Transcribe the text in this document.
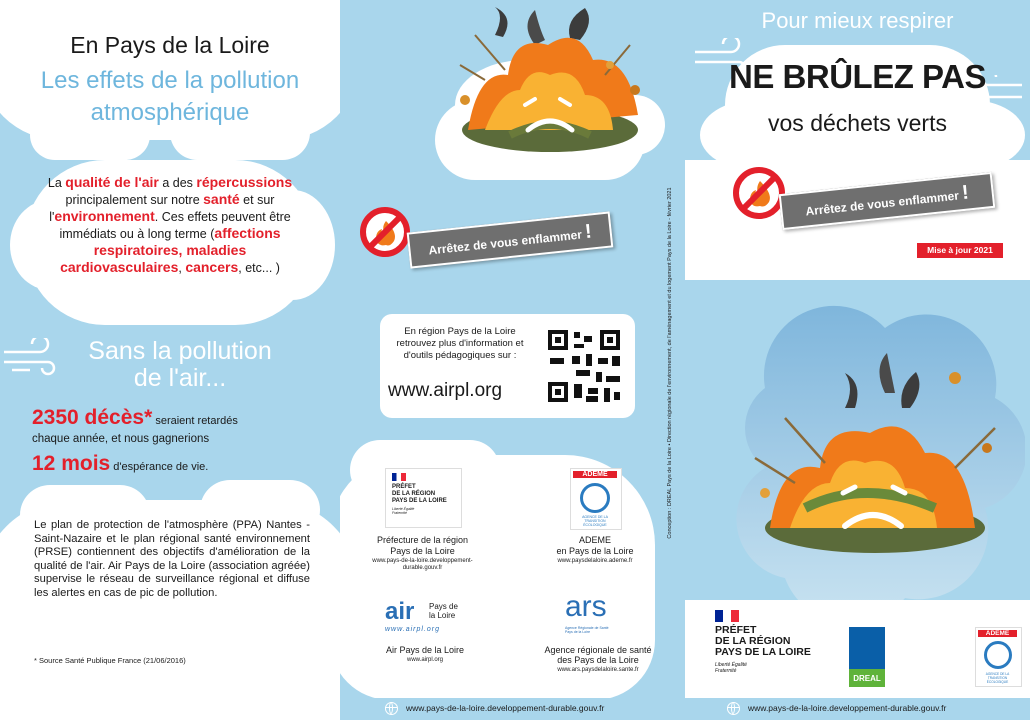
En Pays de la Loire
Les effets de la pollution
atmosphérique
La qualité de l'air a des répercussions principalement sur notre santé et sur l'environnement. Ces effets peuvent être immédiats ou à long terme (affections respiratoires, maladies cardiovasculaires, cancers, etc... )
Sans la pollution
de l'air...
2350 décès* seraient retardés
chaque année, et nous gagnerions
12 mois d'espérance de vie.
Le plan de protection de l'atmosphère (PPA) Nantes - Saint-Nazaire et le plan régional santé environnement (PRSE) contiennent des objectifs d'amélioration de la qualité de l'air. Air Pays de la Loire (association agréée) supervise le réseau de surveillance régional et diffuse les alertes en cas de pic de pollution.
* Source Santé Publique France (21/06/2016)
Arrêtez de vous enflammer !
En région Pays de la Loire retrouvez plus d'information et d'outils pédagogiques sur :
www.airpl.org	Conception : DREAL Pays de la Loire • Direction régionale de l'environnement, de l'aménagement et du logement Pays de la Loire - février 2021
PRÉFET
DE LA RÉGION
PAYS DE LA LOIRE
Liberté Égalité Fraternité
Préfecture de la région
Pays de la Loire
www.pays-de-la-loire.developpement-durable.gouv.fr
ADEME
AGENCE DE LA TRANSITION ÉCOLOGIQUE
ADEME
en Pays de la Loire
www.paysdelaloire.ademe.fr
air Pays de
la Loire
www.airpl.org
Air Pays de la Loire
www.airpl.org
ars
Agence Régionale de Santé Pays de la Loire
Agence régionale de santé
des Pays de la Loire
www.ars.paysdelaloire.sante.fr
www.pays-de-la-loire.developpement-durable.gouv.fr
Pour mieux respirer
NE BRÛLEZ PAS
vos déchets verts
Arrêtez de vous enflammer !
Mise à jour 2021
PRÉFET
DE LA RÉGION
PAYS DE LA LOIRE
Liberté Égalité Fraternité
DREAL
ADEME
AGENCE DE LA TRANSITION ÉCOLOGIQUE
www.pays-de-la-loire.developpement-durable.gouv.fr
